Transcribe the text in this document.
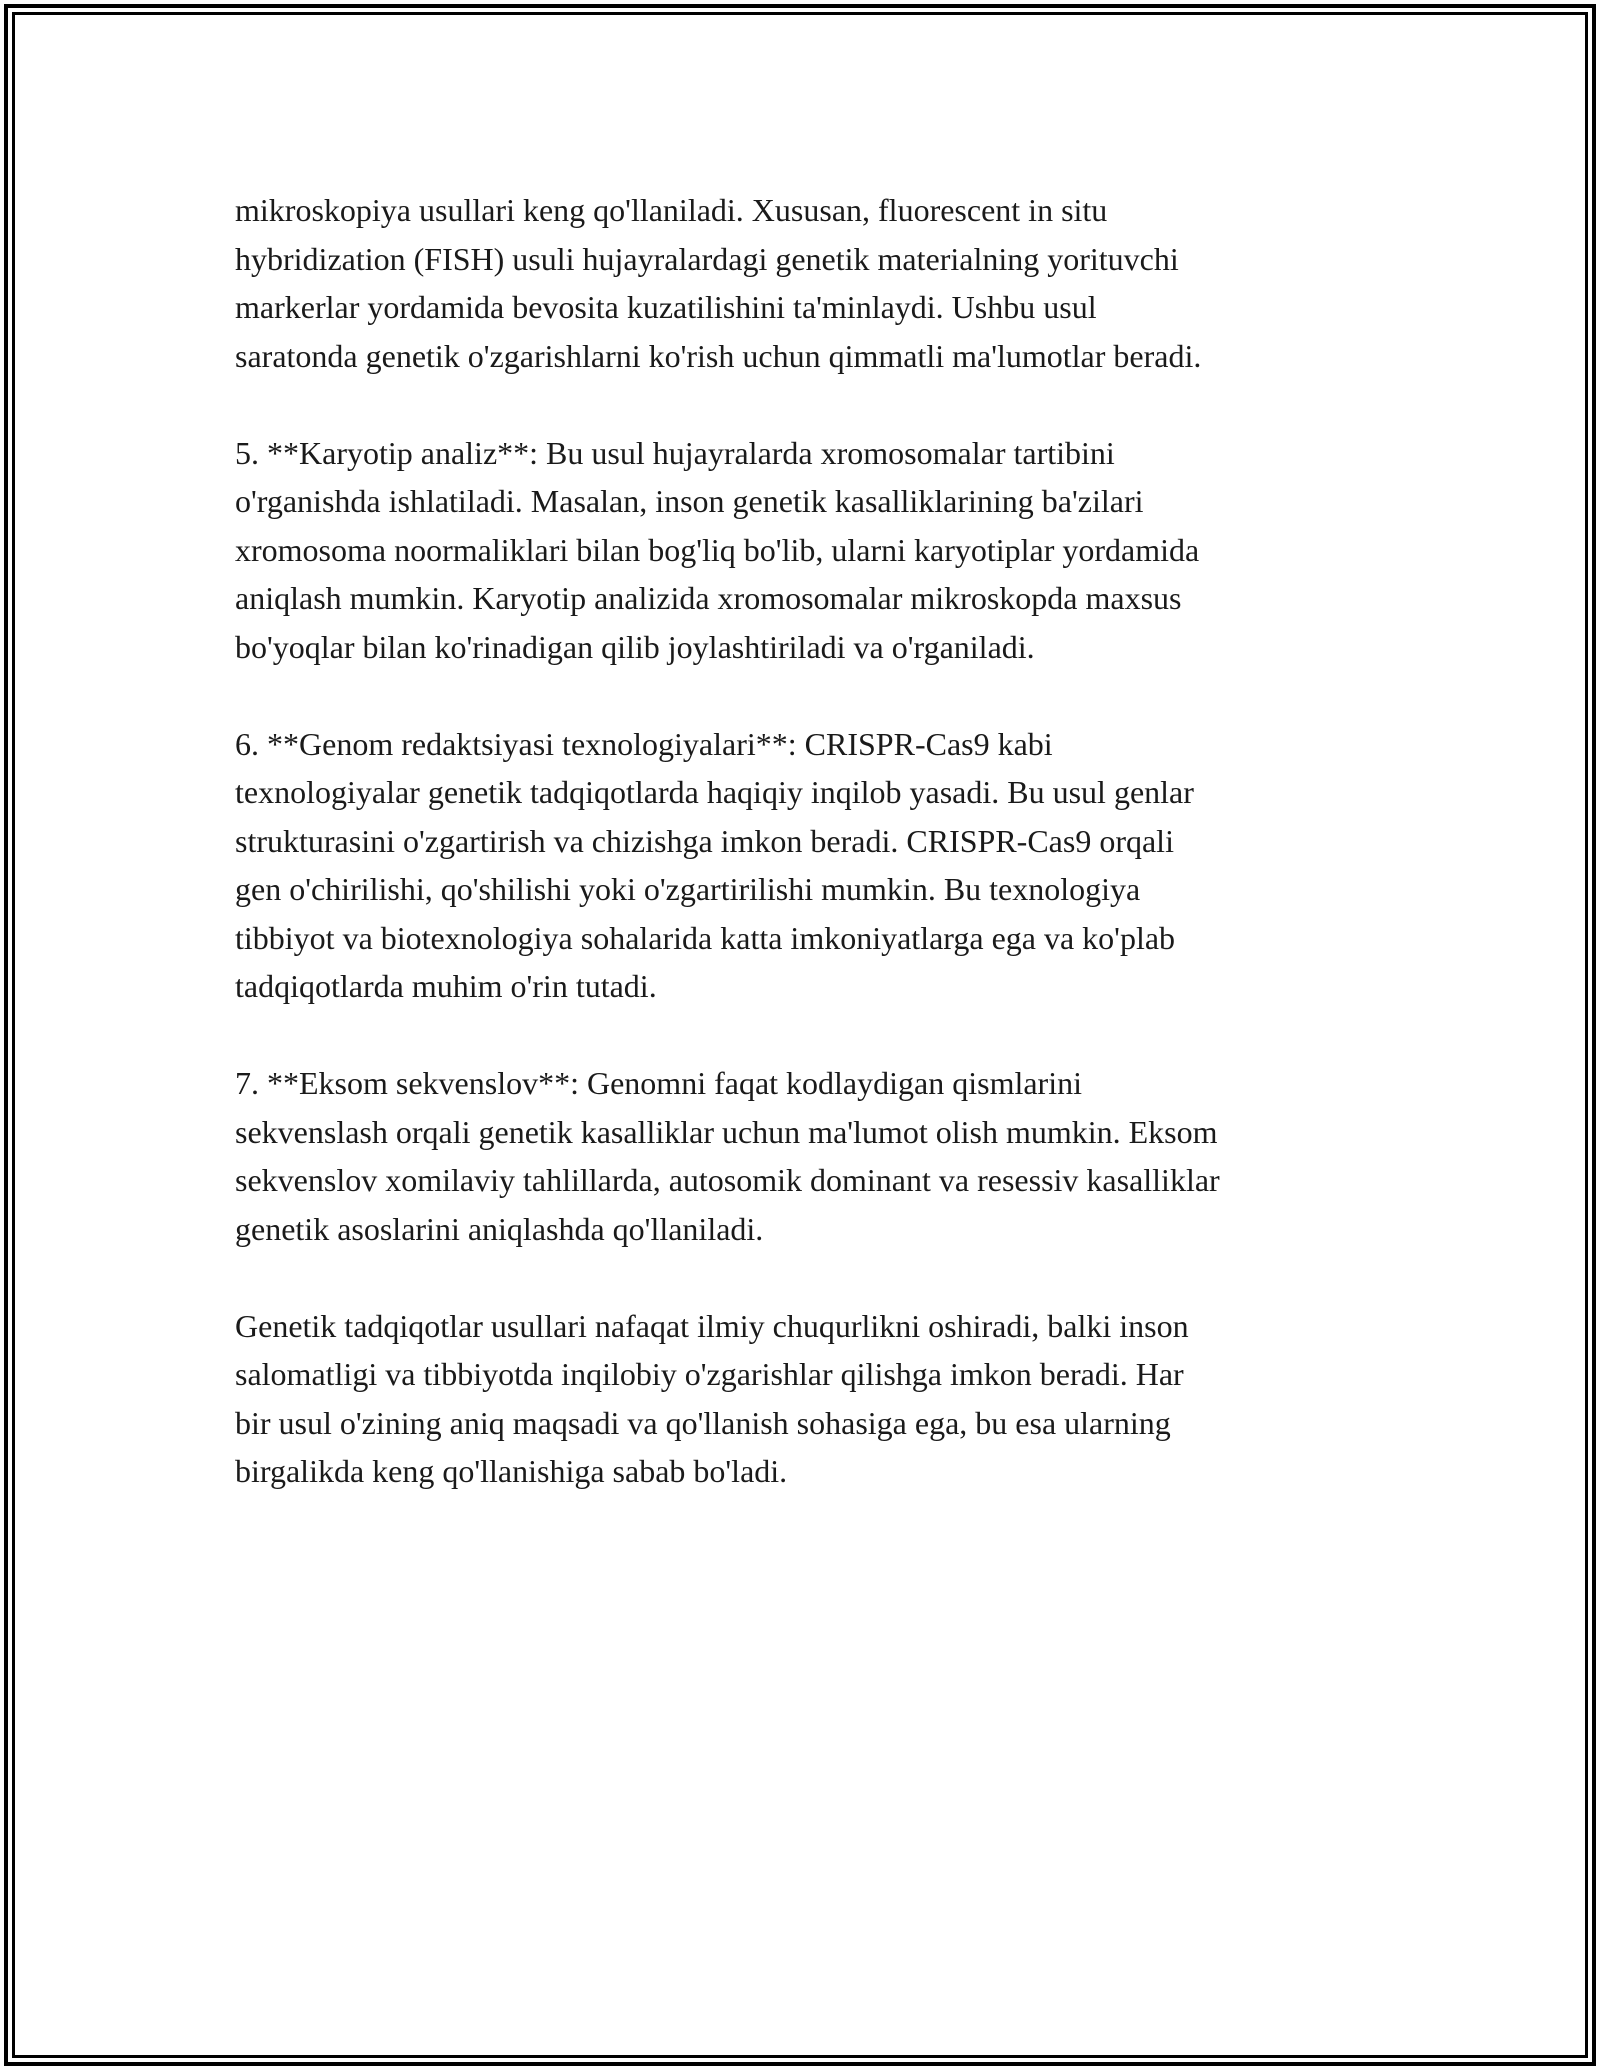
mikroskopiya usullari keng qo'llaniladi. Xususan, fluorescent in situ
hybridization (FISH) usuli hujayralardagi genetik materialning yorituvchi
markerlar yordamida bevosita kuzatilishini ta'minlaydi. Ushbu usul
saratonda genetik o'zgarishlarni ko'rish uchun qimmatli ma'lumotlar beradi.

5. **Karyotip analiz**: Bu usul hujayralarda xromosomalar tartibini
o'rganishda ishlatiladi. Masalan, inson genetik kasalliklarining ba'zilari
xromosoma noormaliklari bilan bog'liq bo'lib, ularni karyotiplar yordamida
aniqlash mumkin. Karyotip analizida xromosomalar mikroskopda maxsus
bo'yoqlar bilan ko'rinadigan qilib joylashtiriladi va o'rganiladi.

6. **Genom redaktsiyasi texnologiyalari**: CRISPR-Cas9 kabi
texnologiyalar genetik tadqiqotlarda haqiqiy inqilob yasadi. Bu usul genlar
strukturasini o'zgartirish va chizishga imkon beradi. CRISPR-Cas9 orqali
gen o'chirilishi, qo'shilishi yoki o'zgartirilishi mumkin. Bu texnologiya
tibbiyot va biotexnologiya sohalarida katta imkoniyatlarga ega va ko'plab
tadqiqotlarda muhim o'rin tutadi.

7. **Eksom sekvenslov**: Genomni faqat kodlaydigan qismlarini
sekvenslash orqali genetik kasalliklar uchun ma'lumot olish mumkin. Eksom
sekvenslov xomilaviy tahlillarda, autosomik dominant va resessiv kasalliklar
genetik asoslarini aniqlashda qo'llaniladi.

Genetik tadqiqotlar usullari nafaqat ilmiy chuqurlikni oshiradi, balki inson
salomatligi va tibbiyotda inqilobiy o'zgarishlar qilishga imkon beradi. Har
bir usul o'zining aniq maqsadi va qo'llanish sohasiga ega, bu esa ularning
birgalikda keng qo'llanishiga sabab bo'ladi.
